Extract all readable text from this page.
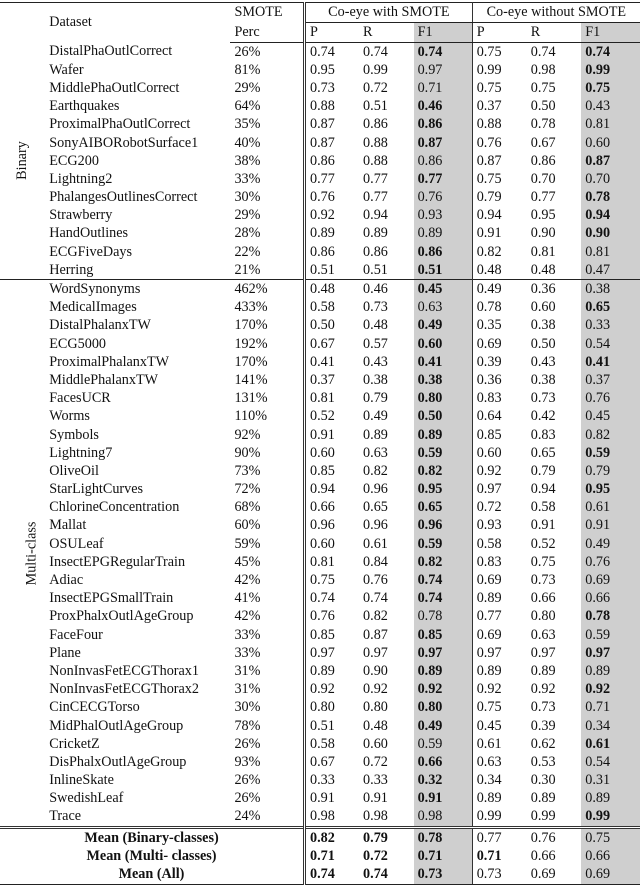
	Dataset	SMOTE	Co-eye with SMOTE			Co-eye without SMOTE		
		Perc	P	R	F1	P	R	F1
Binary	DistalPhaOutlCorrect	26%	0.74	0.74	0.74	0.75	0.74	0.74
	Wafer	81%	0.95	0.99	0.97	0.99	0.98	0.99
	MiddlePhaOutlCorrect	29%	0.73	0.72	0.71	0.75	0.75	0.75
	Earthquakes	64%	0.88	0.51	0.46	0.37	0.50	0.43
	ProximalPhaOutlCorrect	35%	0.87	0.86	0.86	0.88	0.78	0.81
	SonyAIBORobotSurface1	40%	0.87	0.88	0.87	0.76	0.67	0.60
	ECG200	38%	0.86	0.88	0.86	0.87	0.86	0.87
	Lightning2	33%	0.77	0.77	0.77	0.75	0.70	0.70
	PhalangesOutlinesCorrect	30%	0.76	0.77	0.76	0.79	0.77	0.78
	Strawberry	29%	0.92	0.94	0.93	0.94	0.95	0.94
	HandOutlines	28%	0.89	0.89	0.89	0.91	0.90	0.90
	ECGFiveDays	22%	0.86	0.86	0.86	0.82	0.81	0.81
	Herring	21%	0.51	0.51	0.51	0.48	0.48	0.47
Multi-class	WordSynonyms	462%	0.48	0.46	0.45	0.49	0.36	0.38
	MedicalImages	433%	0.58	0.73	0.63	0.78	0.60	0.65
	DistalPhalanxTW	170%	0.50	0.48	0.49	0.35	0.38	0.33
	ECG5000	192%	0.67	0.57	0.60	0.69	0.50	0.54
	ProximalPhalanxTW	170%	0.41	0.43	0.41	0.39	0.43	0.41
	MiddlePhalanxTW	141%	0.37	0.38	0.38	0.36	0.38	0.37
	FacesUCR	131%	0.81	0.79	0.80	0.83	0.73	0.76
	Worms	110%	0.52	0.49	0.50	0.64	0.42	0.45
	Symbols	92%	0.91	0.89	0.89	0.85	0.83	0.82
	Lightning7	90%	0.60	0.63	0.59	0.60	0.65	0.59
	OliveOil	73%	0.85	0.82	0.82	0.92	0.79	0.79
	StarLightCurves	72%	0.94	0.96	0.95	0.97	0.94	0.95
	ChlorineConcentration	68%	0.66	0.65	0.65	0.72	0.58	0.61
	Mallat	60%	0.96	0.96	0.96	0.93	0.91	0.91
	OSULeaf	59%	0.60	0.61	0.59	0.58	0.52	0.49
	InsectEPGRegularTrain	45%	0.81	0.84	0.82	0.83	0.75	0.76
	Adiac	42%	0.75	0.76	0.74	0.69	0.73	0.69
	InsectEPGSmallTrain	41%	0.74	0.74	0.74	0.89	0.66	0.66
	ProxPhalxOutlAgeGroup	42%	0.76	0.82	0.78	0.77	0.80	0.78
	FaceFour	33%	0.85	0.87	0.85	0.69	0.63	0.59
	Plane	33%	0.97	0.97	0.97	0.97	0.97	0.97
	NonInvasFetECGThorax1	31%	0.89	0.90	0.89	0.89	0.89	0.89
	NonInvasFetECGThorax2	31%	0.92	0.92	0.92	0.92	0.92	0.92
	CinCECGTorso	30%	0.80	0.80	0.80	0.75	0.73	0.71
	MidPhalOutlAgeGroup	78%	0.51	0.48	0.49	0.45	0.39	0.34
	CricketZ	26%	0.58	0.60	0.59	0.61	0.62	0.61
	DisPhalxOutlAgeGroup	93%	0.67	0.72	0.66	0.63	0.53	0.54
	InlineSkate	26%	0.33	0.33	0.32	0.34	0.30	0.31
	SwedishLeaf	26%	0.91	0.91	0.91	0.89	0.89	0.89
	Trace	24%	0.98	0.98	0.98	0.99	0.99	0.99
Mean (Binary-classes)			0.82	0.79	0.78	0.77	0.76	0.75
Mean (Multi- classes)			0.71	0.72	0.71	0.71	0.66	0.66
Mean (All)			0.74	0.74	0.73	0.73	0.69	0.69
